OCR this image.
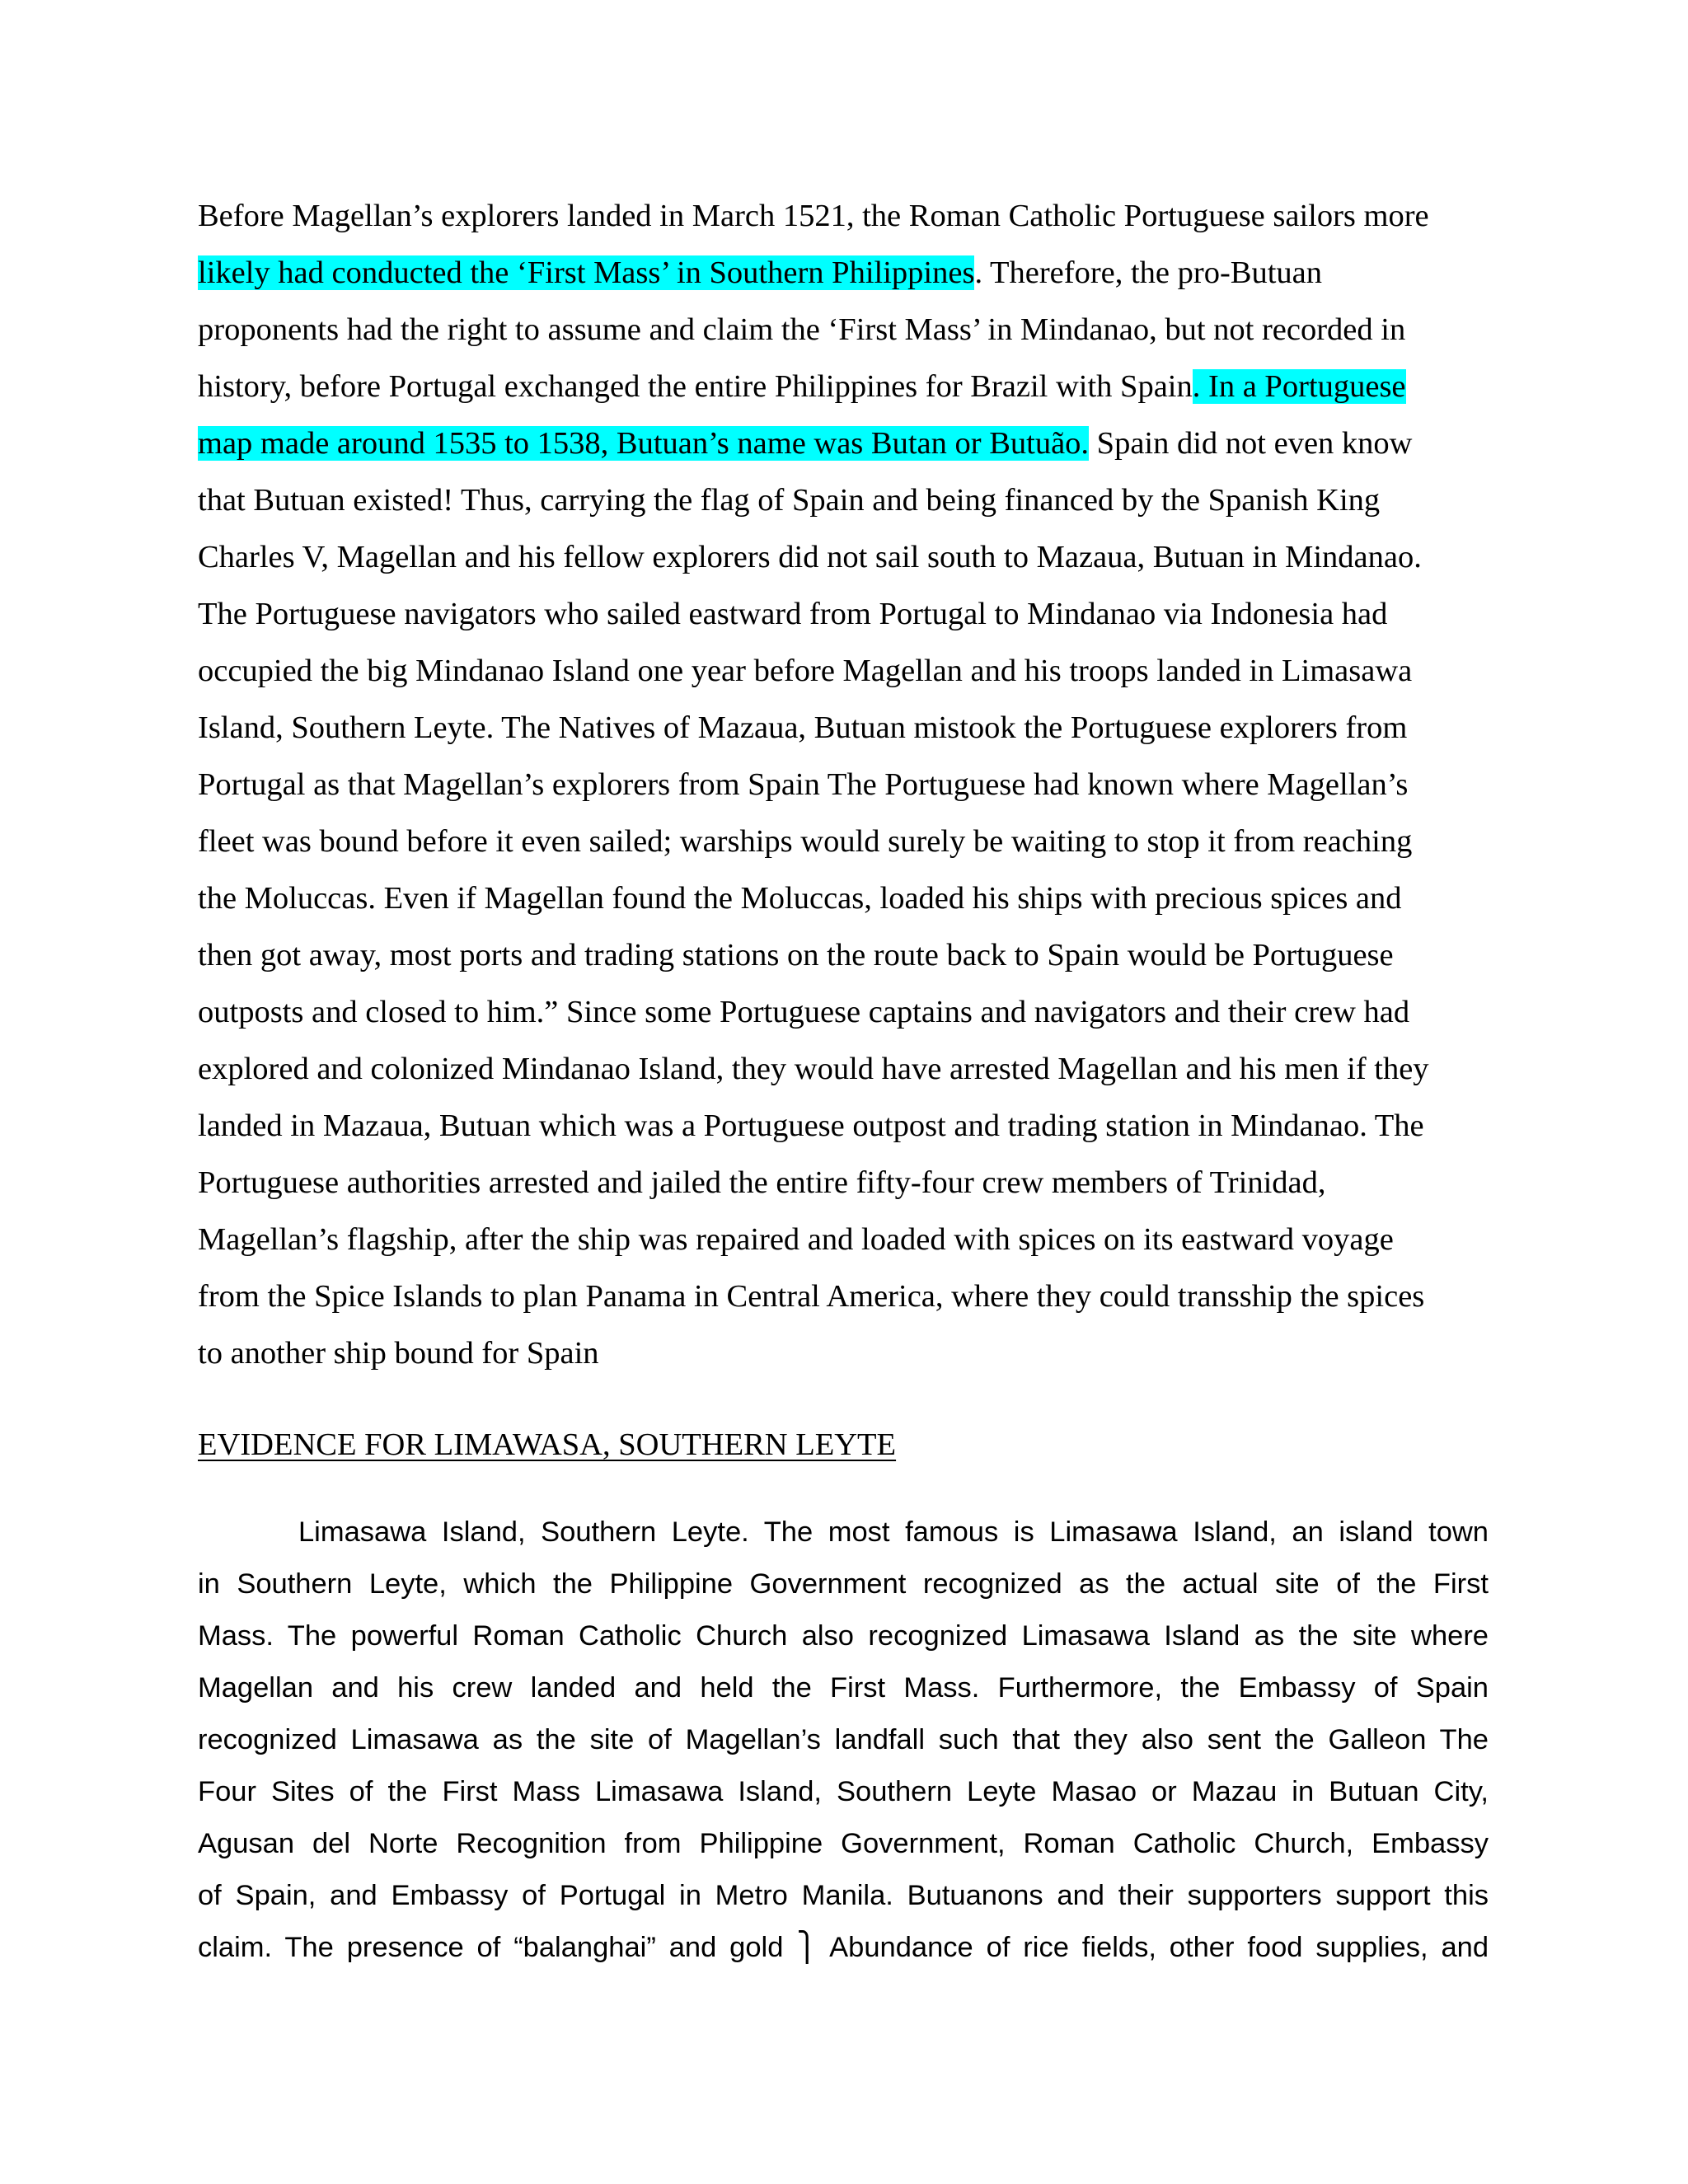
Before Magellan’s explorers landed in March 1521, the Roman Catholic Portuguese sailors more
likely had conducted the ‘First Mass’ in Southern Philippines. Therefore, the pro-Butuan
proponents had the right to assume and claim the ‘First Mass’ in Mindanao, but not recorded in
history, before Portugal exchanged the entire Philippines for Brazil with Spain. In a Portuguese
map made around 1535 to 1538, Butuan’s name was Butan or Butuão. Spain did not even know
that Butuan existed! Thus, carrying the flag of Spain and being financed by the Spanish King
Charles V, Magellan and his fellow explorers did not sail south to Mazaua, Butuan in Mindanao.
The Portuguese navigators who sailed eastward from Portugal to Mindanao via Indonesia had
occupied the big Mindanao Island one year before Magellan and his troops landed in Limasawa
Island, Southern Leyte. The Natives of Mazaua, Butuan mistook the Portuguese explorers from
Portugal as that Magellan’s explorers from Spain The Portuguese had known where Magellan’s
fleet was bound before it even sailed; warships would surely be waiting to stop it from reaching
the Moluccas. Even if Magellan found the Moluccas, loaded his ships with precious spices and
then got away, most ports and trading stations on the route back to Spain would be Portuguese
outposts and closed to him.” Since some Portuguese captains and navigators and their crew had
explored and colonized Mindanao Island, they would have arrested Magellan and his men if they
landed in Mazaua, Butuan which was a Portuguese outpost and trading station in Mindanao. The
Portuguese authorities arrested and jailed the entire fifty-four crew members of Trinidad,
Magellan’s flagship, after the ship was repaired and loaded with spices on its eastward voyage
from the Spice Islands to plan Panama in Central America, where they could transship the spices
to another ship bound for Spain
EVIDENCE FOR LIMAWASA, SOUTHERN LEYTE
Limasawa Island, Southern Leyte. The most famous is Limasawa Island, an island town
in Southern Leyte, which the Philippine Government recognized as the actual site of the First
Mass. The powerful Roman Catholic Church also recognized Limasawa Island as the site where
Magellan and his crew landed and held the First Mass. Furthermore, the Embassy of Spain
recognized Limasawa as the site of Magellan’s landfall such that they also sent the Galleon The
Four Sites of the First Mass Limasawa Island, Southern Leyte Masao or Mazau in Butuan City,
Agusan del Norte Recognition from Philippine Government, Roman Catholic Church, Embassy
of Spain, and Embassy of Portugal in Metro Manila. Butuanons and their supporters support this
claim. The presence of “balanghai” and gold ⎫ Abundance of rice fields, other food supplies, and
